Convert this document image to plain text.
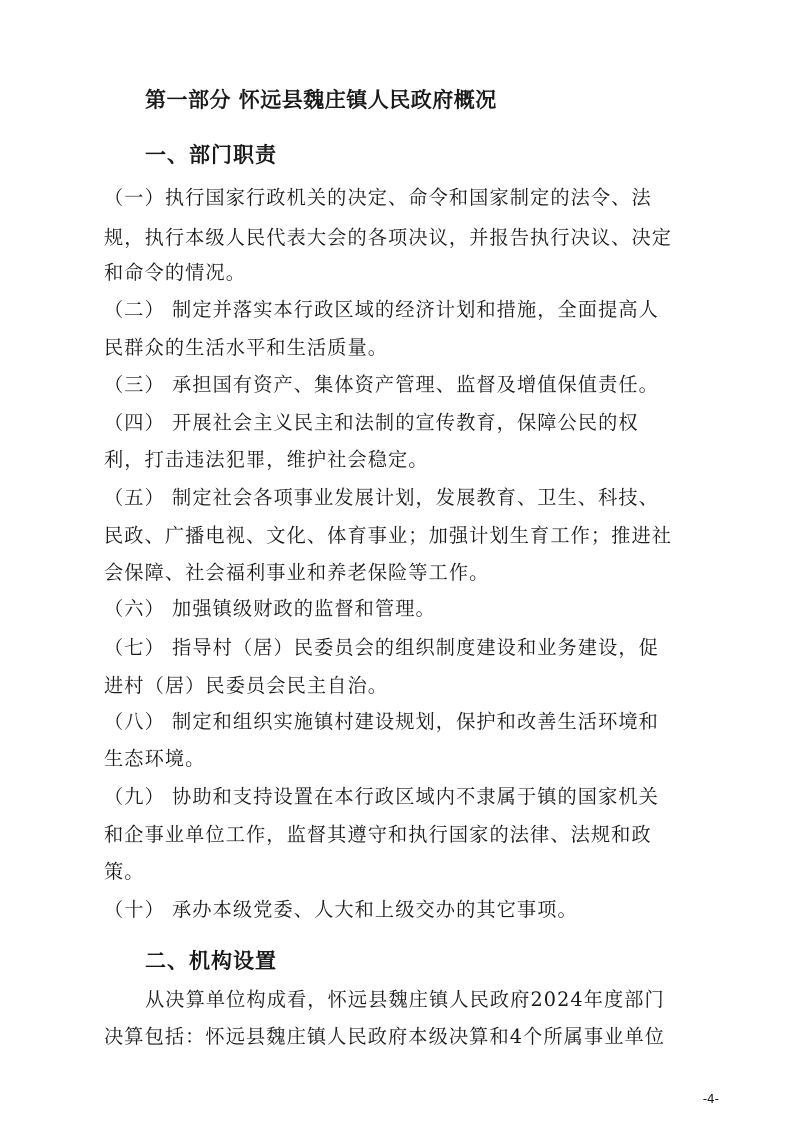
第一部分 怀远县魏庄镇人民政府概况
一、部门职责
（一）执行国家行政机关的决定、命令和国家制定的法令、法
规，执行本级人民代表大会的各项决议，并报告执行决议、决定
和命令的情况。
（二） 制定并落实本行政区域的经济计划和措施，全面提高人
民群众的生活水平和生活质量。
（三） 承担国有资产、集体资产管理、监督及增值保值责任。
（四） 开展社会主义民主和法制的宣传教育，保障公民的权
利，打击违法犯罪，维护社会稳定。
（五） 制定社会各项事业发展计划，发展教育、卫生、科技、
民政、广播电视、文化、体育事业；加强计划生育工作；推进社
会保障、社会福利事业和养老保险等工作。
（六） 加强镇级财政的监督和管理。
（七） 指导村（居）民委员会的组织制度建设和业务建设，促
进村（居）民委员会民主自治。
（八） 制定和组织实施镇村建设规划，保护和改善生活环境和
生态环境。
（九） 协助和支持设置在本行政区域内不隶属于镇的国家机关
和企事业单位工作，监督其遵守和执行国家的法律、法规和政
策。
（十） 承办本级党委、人大和上级交办的其它事项。
二、机构设置
从决算单位构成看，怀远县魏庄镇人民政府2024年度部门
决算包括：怀远县魏庄镇人民政府本级决算和4个所属事业单位
-4-
